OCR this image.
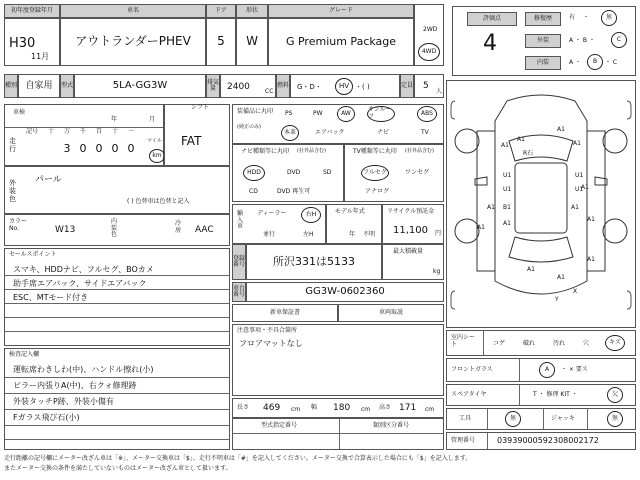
初年度登録年月
H30
11月
車名
アウトランダーPHEV
ドア
5
形状
W
グレード
G Premium Package
2WD
4WD
種別 自家用	型式	5LA-GG3W	排気量	2400	CC
燃料 G・D・	HV ・( )	定員 5
人
評価点
4
修復歴	有 ・	無
外装	A ・ B ・	C
内装	A ・	B	・ C
車検
年	月
走行
記号	十	万	千	百	十	一
3 0 0 0 0
マイル
km
シフト
FAT
外装色
パール
( ) 色替車は色替と記入
カラー No.	W13
内装色
冷房 AAC
セールスポイント
スマキ、HDDナビ、フルセグ、BOカメ
助手席エアバック、サイドエアバック
ESC、MTモード付き
検査記入欄
運転席わきしわ(中)、ハンドル擦れ(小)
ピラー内張りA(中)、右クォ修理跡
外装タッチP跡、外装小傷有
Fガラス飛び石(小)
装備品に丸印
(純正のみ)
PS	PW	AW	サンルーフ	ABS
本革	エアバック	ナビ	TV
ナビ種類等に丸印 (社外品含む)
HDD	DVD	SD
CD	DVD 再生可
TV種類等に丸印 (社外品含む)
フルセグ	ワンセグ
アナログ
輸入車
ディーラー	右H
並行	左H
モデル年式
年 不明
リサイクル預託金
11,100 円
登録番号	所沢331は5133
最大積載量
kg
車台番号	GG3W-0602360
新車保証書	車両取説
注意事項・不具合箇所
フロアマットなし
長さ 469 cm 幅 180 cm 高さ 171 cm
型式指定番号	類別区分番号
A1
A1
A1
A1
A1
A1
U1
U1
U1
U1
B1	A1
A1
A1
A1
A1
A1
A1
Y
X
R石
室内シート	コゲ	破れ	汚れ	穴	キズ
フロントガラス	A	・ × 要ス
スペアタイヤ	T ・ 修理 KIT ・	欠
工具	無	ジャッキ	無
管理番号	03939000592308002172
走行距離の記号欄にメーター改ざん車は「※」、メーター交換車は「$」、走行不明車は「#」を記入してください。メーター交換で合算表示した場合にも「$」を記入します。
またメーター交換の条件を満たしていないものはメーター改ざん車として扱います。
